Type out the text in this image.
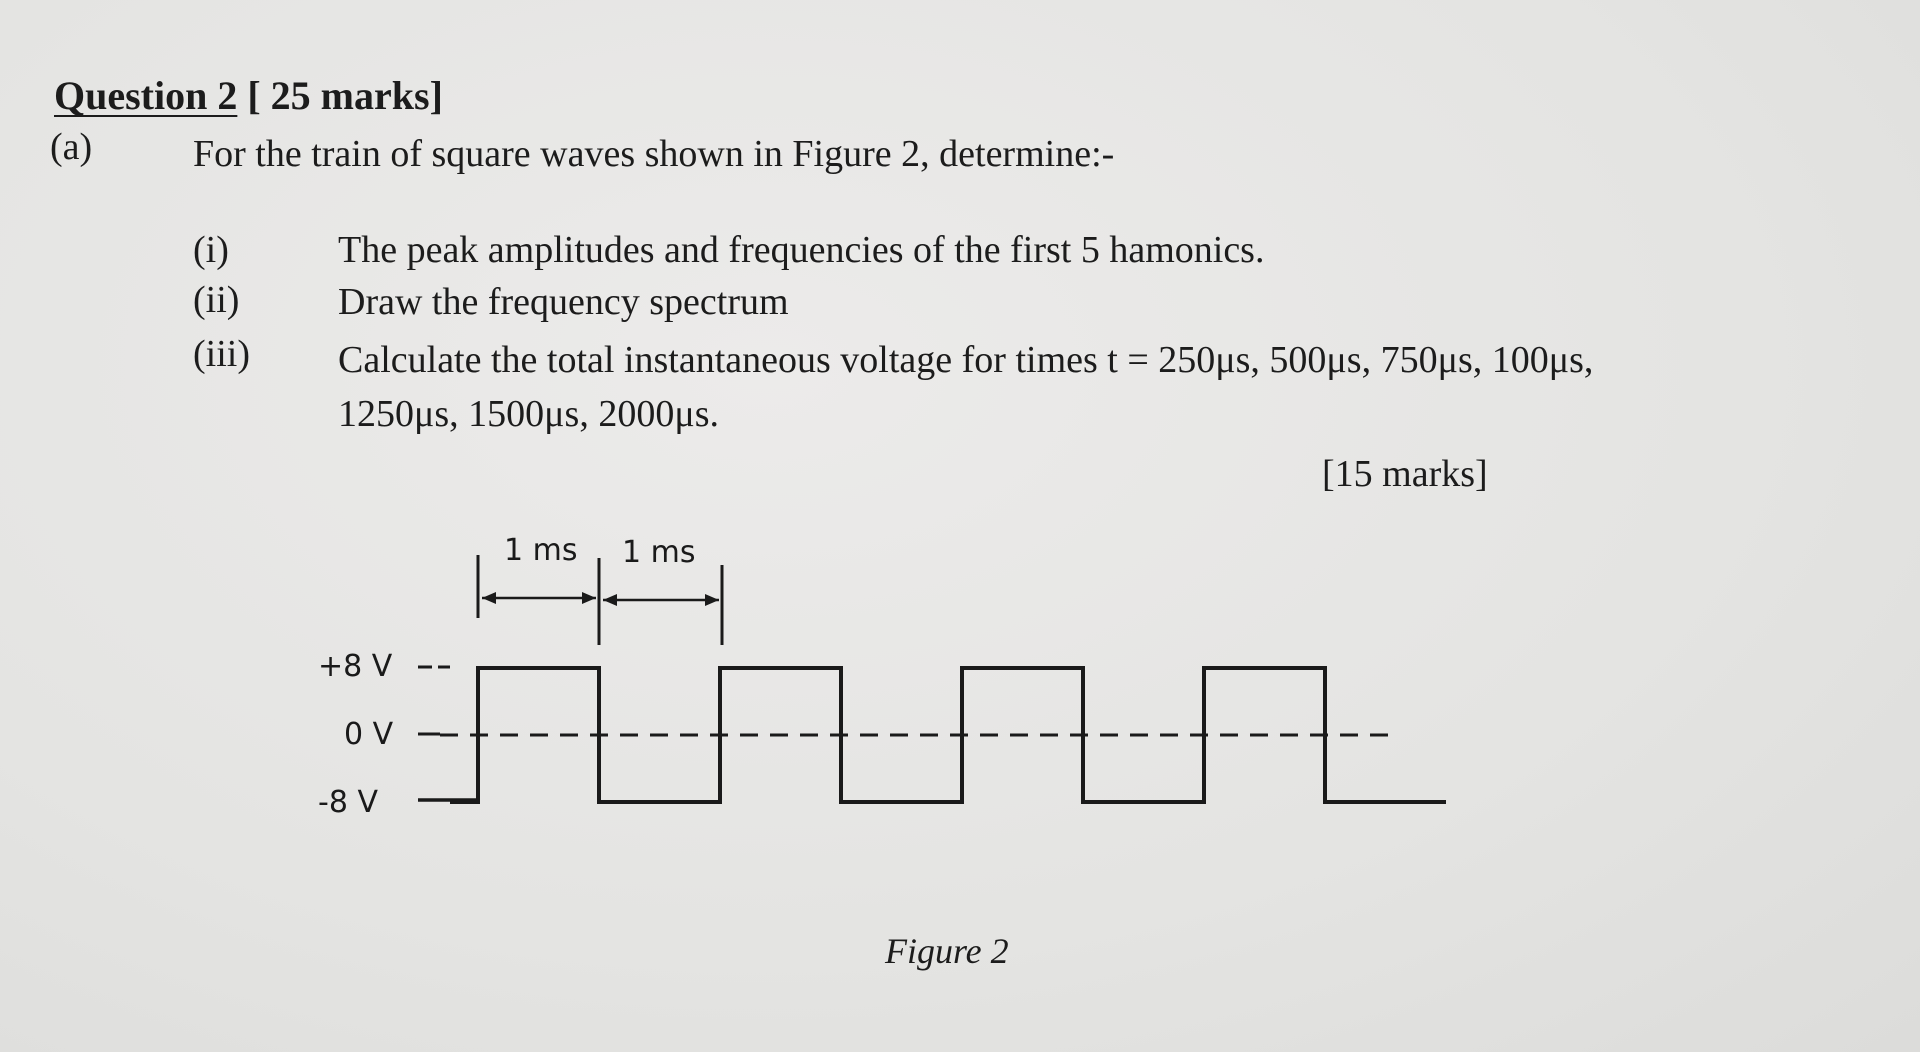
Question 2 [ 25 marks]
(a)	For the train of square waves shown in Figure 2, determine:-
(i)	The peak amplitudes and frequencies of the first 5 hamonics.
(ii)	Draw the frequency spectrum
(iii) Calculate the total instantaneous voltage for times t = 250μs, 500μs, 750μs, 100μs,
1250μs, 1500μs, 2000μs.
[15 marks]
1 ms 1 ms
+8 V
0 V
-8 V
Figure 2
